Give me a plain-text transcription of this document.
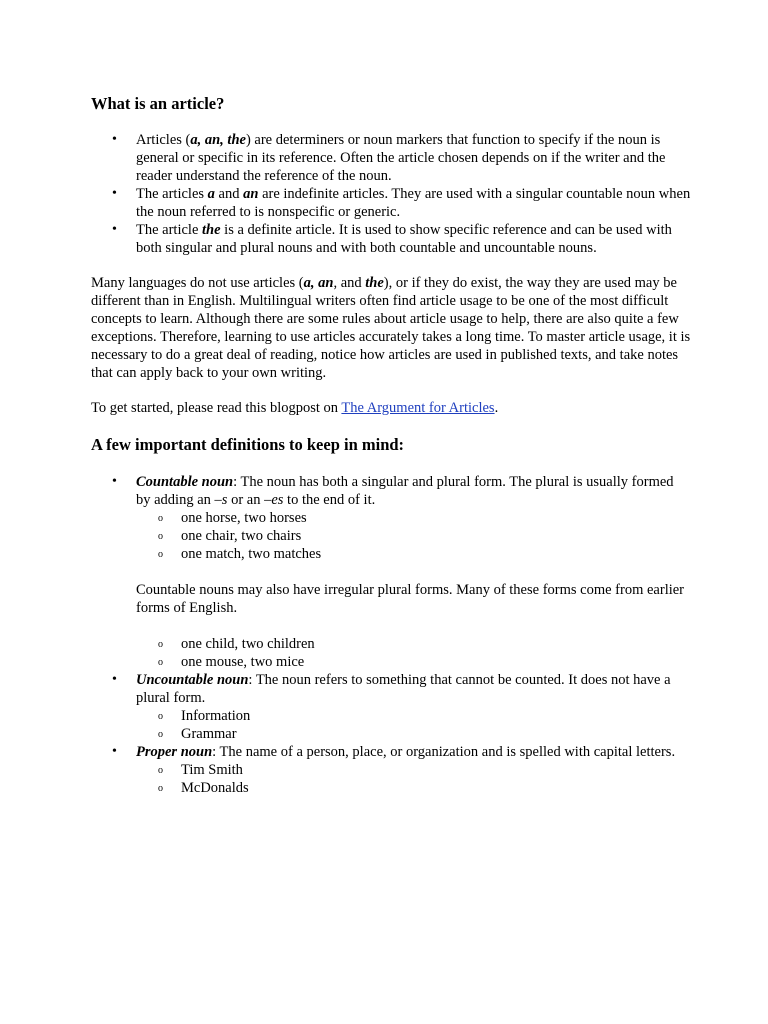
What is an article?
• Articles (a, an, the) are determiners or noun markers that function to specify if the noun is general or specific in its reference. Often the article chosen depends on if the writer and the reader understand the reference of the noun.
• The articles a and an are indefinite articles. They are used with a singular countable noun when the noun referred to is nonspecific or generic.
• The article the is a definite article. It is used to show specific reference and can be used with both singular and plural nouns and with both countable and uncountable nouns.

Many languages do not use articles (a, an, and the), or if they do exist, the way they are used may be different than in English. Multilingual writers often find article usage to be one of the most difficult concepts to learn. Although there are some rules about article usage to help, there are also quite a few exceptions. Therefore, learning to use articles accurately takes a long time. To master article usage, it is necessary to do a great deal of reading, notice how articles are used in published texts, and take notes that can apply back to your own writing.

To get started, please read this blogpost on The Argument for Articles.

A few important definitions to keep in mind:
• Countable noun: The noun has both a singular and plural form. The plural is usually formed by adding an –s or an –es to the end of it.
o one horse, two horses
o one chair, two chairs
o one match, two matches
Countable nouns may also have irregular plural forms. Many of these forms come from earlier forms of English.
o one child, two children
o one mouse, two mice
• Uncountable noun: The noun refers to something that cannot be counted. It does not have a plural form.
o Information
o Grammar
• Proper noun: The name of a person, place, or organization and is spelled with capital letters.
o Tim Smith
o McDonalds
